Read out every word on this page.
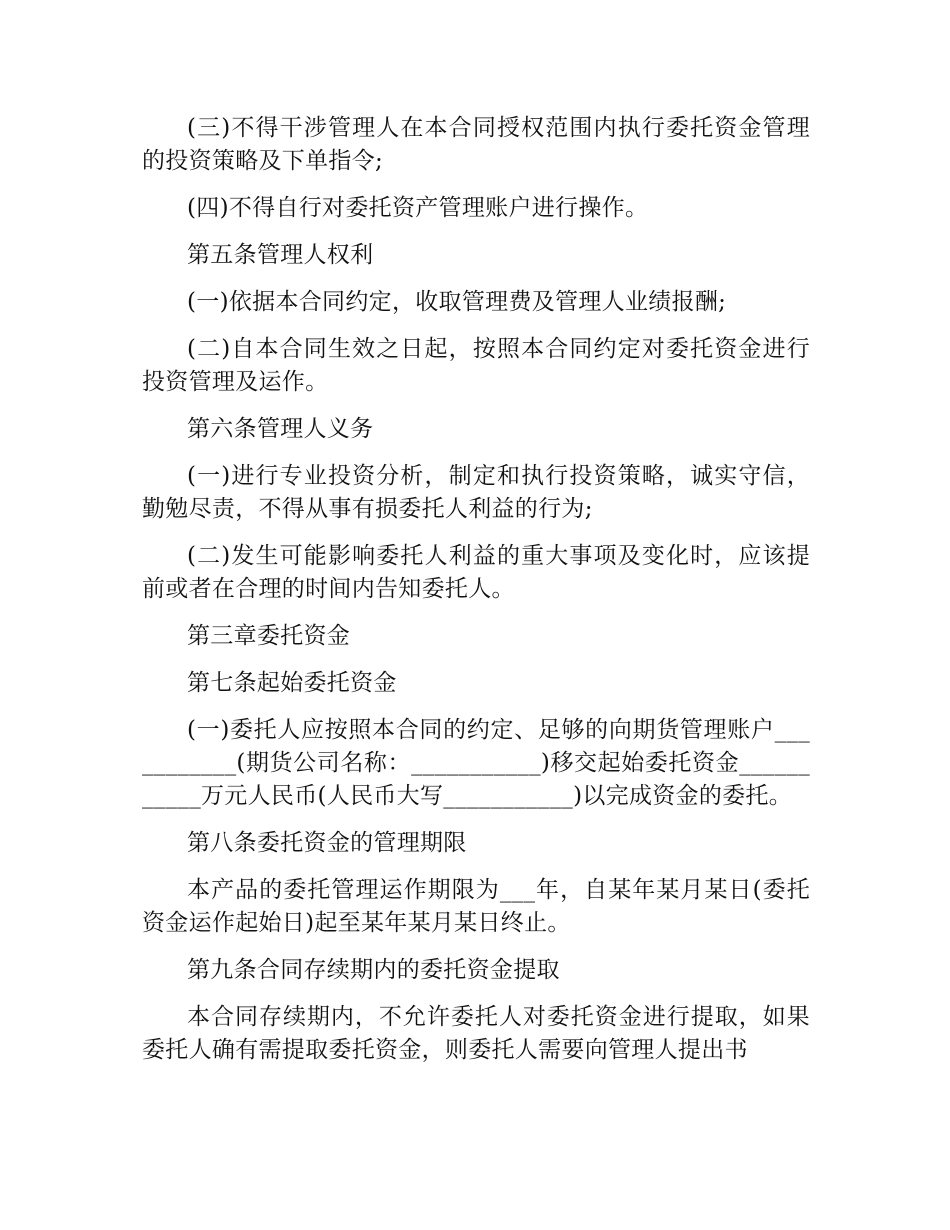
(三)不得干涉管理人在本合同授权范围内执行委托资金管理的投资策略及下单指令;

(四)不得自行对委托资产管理账户进行操作。

第五条管理人权利

(一)依据本合同约定，收取管理费及管理人业绩报酬;

(二)自本合同生效之日起，按照本合同约定对委托资金进行投资管理及运作。

第六条管理人义务

(一)进行专业投资分析，制定和执行投资策略，诚实守信，勤勉尽责，不得从事有损委托人利益的行为;

(二)发生可能影响委托人利益的重大事项及变化时，应该提前或者在合理的时间内告知委托人。

第三章委托资金

第七条起始委托资金

(一)委托人应按照本合同的约定、足够的向期货管理账户___________(期货公司名称：___________)移交起始委托资金___________万元人民币(人民币大写___________)以完成资金的委托。

第八条委托资金的管理期限

本产品的委托管理运作期限为___年，自某年某月某日(委托资金运作起始日)起至某年某月某日终止。

第九条合同存续期内的委托资金提取

本合同存续期内，不允许委托人对委托资金进行提取，如果委托人确有需提取委托资金，则委托人需要向管理人提出书
